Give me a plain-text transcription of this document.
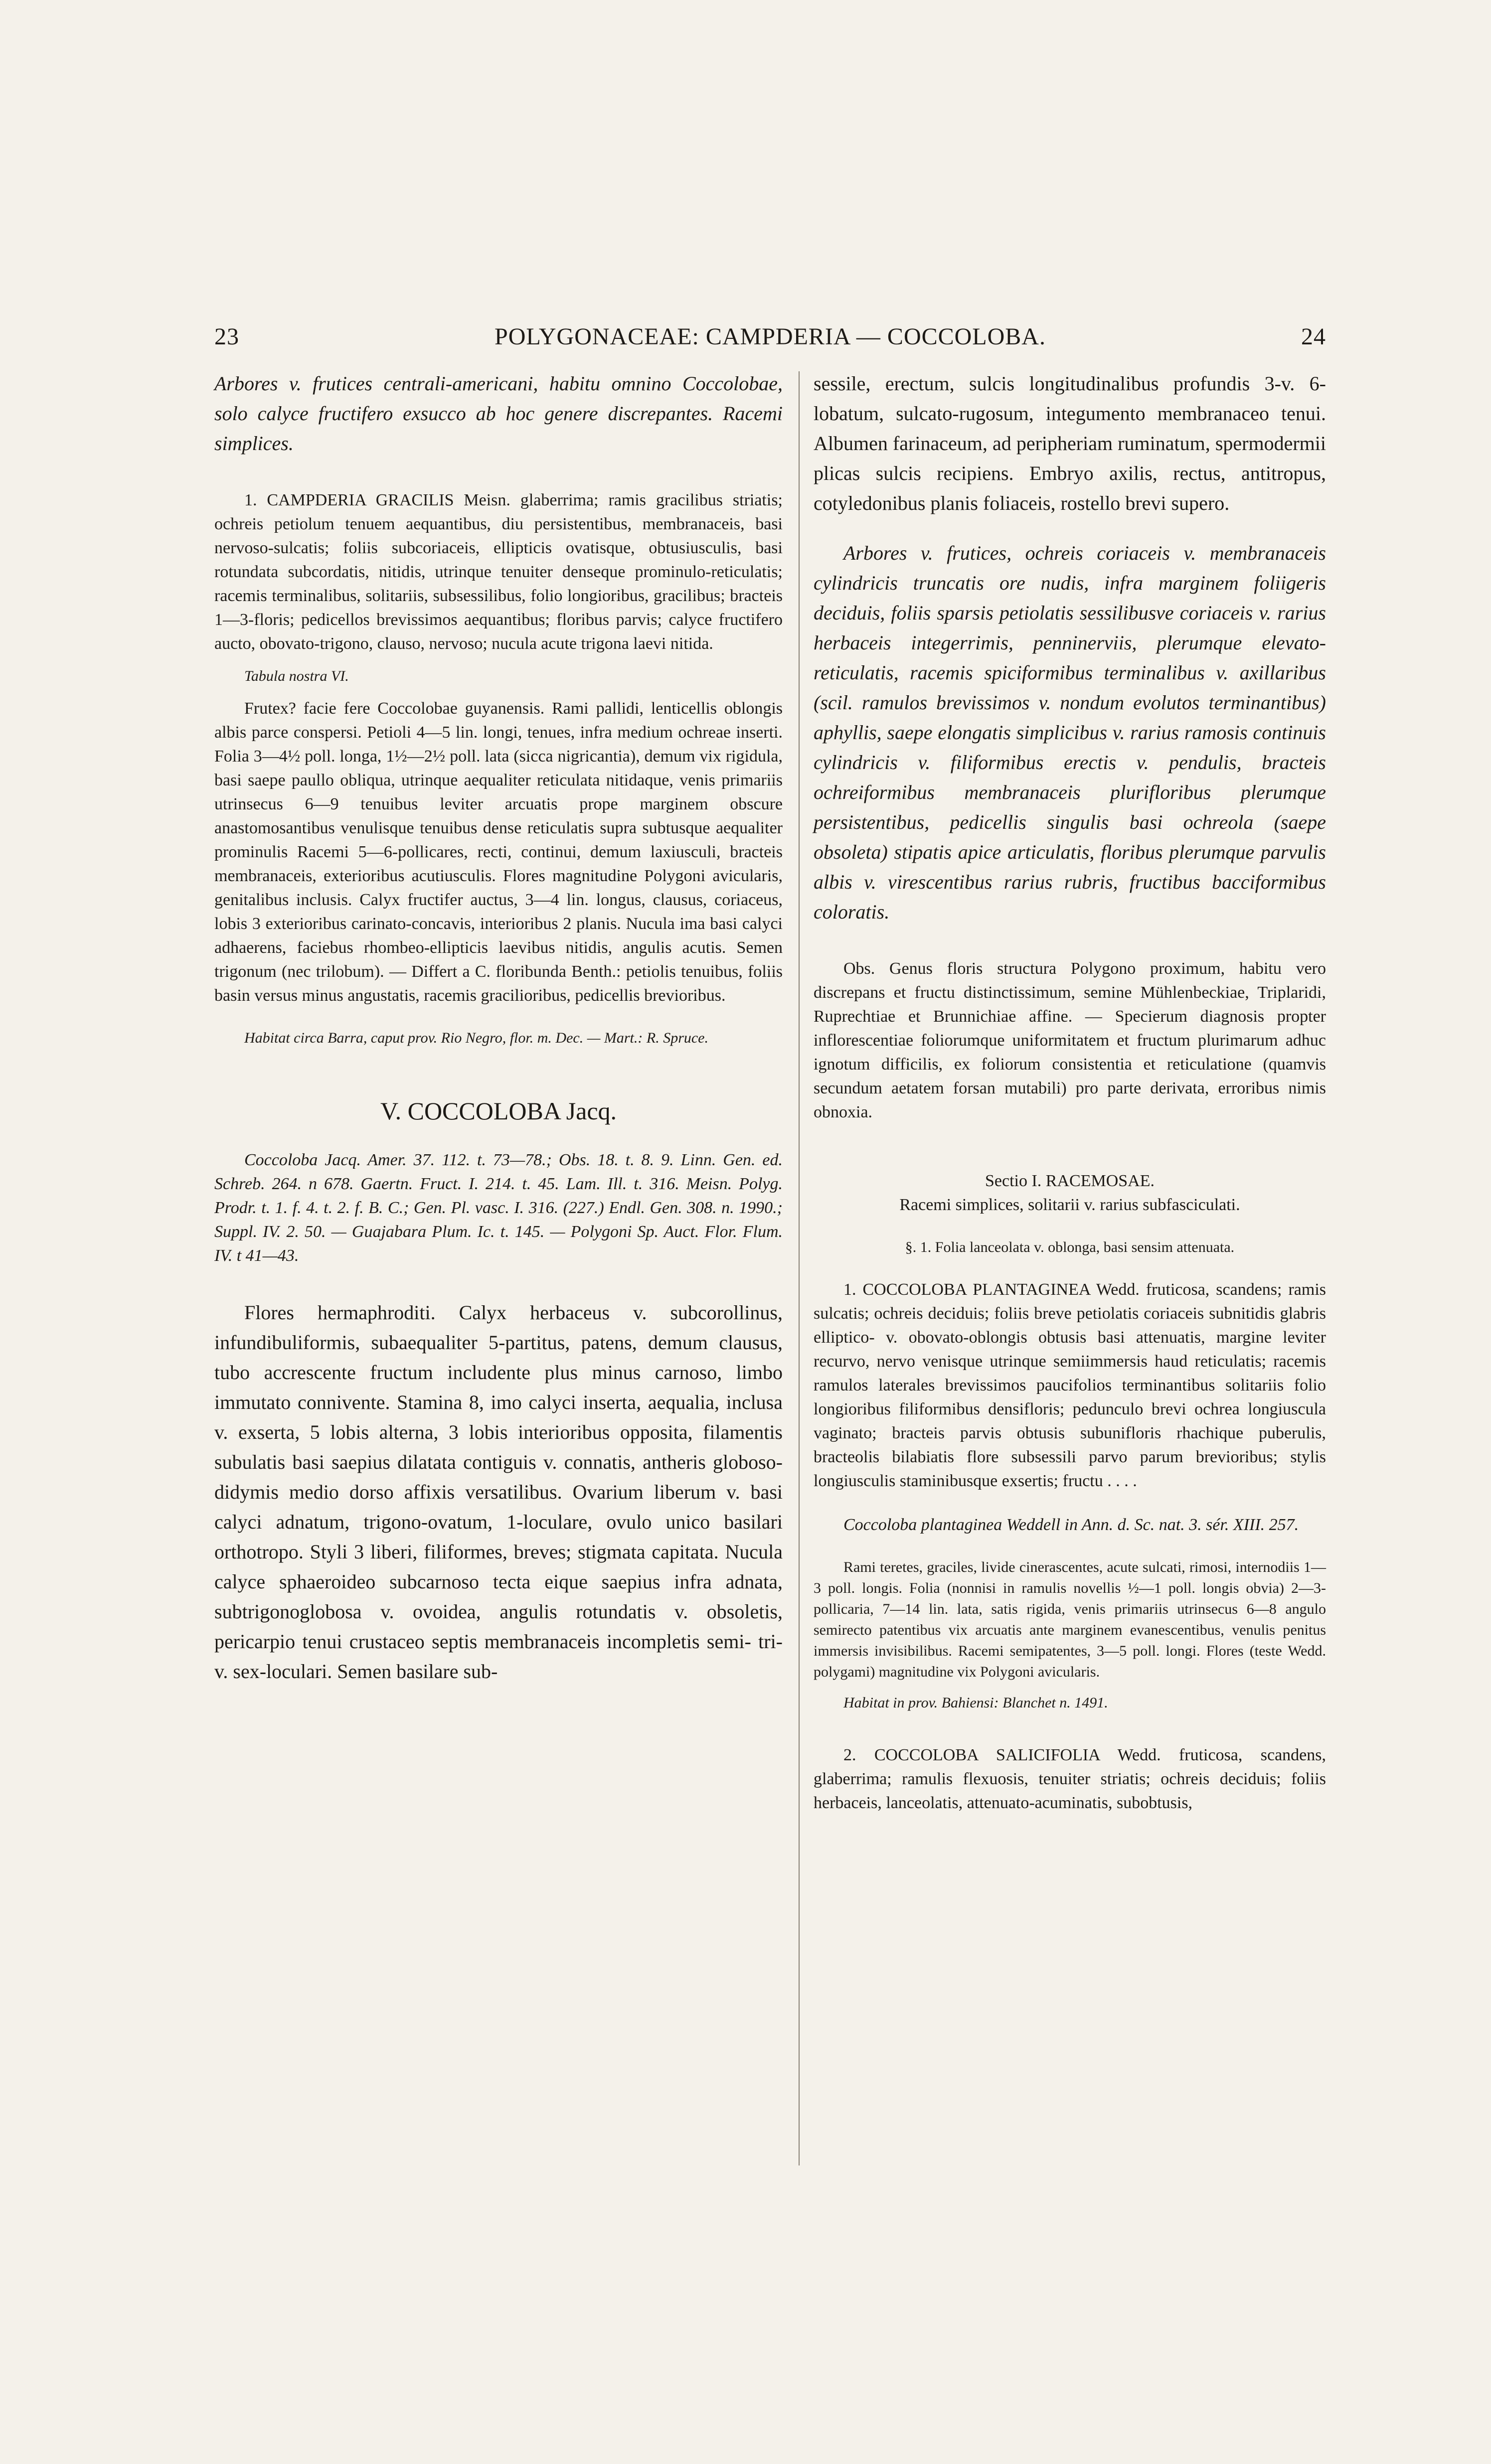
23	POLYGONACEAE: CAMPDERIA — COCCOLOBA.	24

Arbores v. frutices centrali-americani, habitu omnino Coccolobae, solo calyce fructifero exsucco ab hoc genere discrepantes. Racemi simplices.

1. CAMPDERIA GRACILIS Meisn. glaberrima; ramis gracilibus striatis; ochreis petiolum tenuem aequantibus, diu persistentibus, membranaceis, basi nervoso-sulcatis; foliis subcoriaceis, ellipticis ovatisque, obtusiusculis, basi rotundata subcordatis, nitidis, utrinque tenuiter denseque prominulo-reticulatis; racemis terminalibus, solitariis, subsessilibus, folio longioribus, gracilibus; bracteis 1—3-floris; pedicellos brevissimos aequantibus; floribus parvis; calyce fructifero aucto, obovato-trigono, clauso, nervoso; nucula acute trigona laevi nitida.

Tabula nostra VI.

Frutex? facie fere Coccolobae guyanensis. Rami pallidi, lenticellis oblongis albis parce conspersi. Petioli 4—5 lin. longi, tenues, infra medium ochreae inserti. Folia 3—4½ poll. longa, 1½—2½ poll. lata (sicca nigricantia), demum vix rigidula, basi saepe paullo obliqua, utrinque aequaliter reticulata nitidaque, venis primariis utrinsecus 6—9 tenuibus leviter arcuatis prope marginem obscure anastomosantibus venulisque tenuibus dense reticulatis supra subtusque aequaliter prominulis Racemi 5—6-pollicares, recti, continui, demum laxiusculi, bracteis membranaceis, exterioribus acutiusculis. Flores magnitudine Polygoni avicularis, genitalibus inclusis. Calyx fructifer auctus, 3—4 lin. longus, clausus, coriaceus, lobis 3 exterioribus carinato-concavis, interioribus 2 planis. Nucula ima basi calyci adhaerens, faciebus rhombeo-ellipticis laevibus nitidis, angulis acutis. Semen trigonum (nec trilobum). — Differt a C. floribunda Benth.: petiolis tenuibus, foliis basin versus minus angustatis, racemis gracilioribus, pedicellis brevioribus.

Habitat circa Barra, caput prov. Rio Negro, flor. m. Dec. — Mart.: R. Spruce.

V. COCCOLOBA Jacq.

Coccoloba Jacq. Amer. 37. 112. t. 73—78.; Obs. 18. t. 8. 9. Linn. Gen. ed. Schreb. 264. n 678. Gaertn. Fruct. I. 214. t. 45. Lam. Ill. t. 316. Meisn. Polyg. Prodr. t. 1. f. 4. t. 2. f. B. C.; Gen. Pl. vasc. I. 316. (227.) Endl. Gen. 308. n. 1990.; Suppl. IV. 2. 50. — Guajabara Plum. Ic. t. 145. — Polygoni Sp. Auct. Flor. Flum. IV. t 41—43.

Flores hermaphroditi. Calyx herbaceus v. subcorollinus, infundibuliformis, subaequaliter 5-partitus, patens, demum clausus, tubo accrescente fructum includente plus minus carnoso, limbo immutato connivente. Stamina 8, imo calyci inserta, aequalia, inclusa v. exserta, 5 lobis alterna, 3 lobis interioribus opposita, filamentis subulatis basi saepius dilatata contiguis v. connatis, antheris globoso-didymis medio dorso affixis versatilibus. Ovarium liberum v. basi calyci adnatum, trigono-ovatum, 1-loculare, ovulo unico basilari orthotropo. Styli 3 liberi, filiformes, breves; stigmata capitata. Nucula calyce sphaeroideo subcarnoso tecta eique saepius infra adnata, subtrigonoglobosa v. ovoidea, angulis rotundatis v. obsoletis, pericarpio tenui crustaceo septis membranaceis incompletis semi- tri- v. sex-loculari. Semen basilare sub-

sessile, erectum, sulcis longitudinalibus profundis 3-v. 6-lobatum, sulcato-rugosum, integumento membranaceo tenui. Albumen farinaceum, ad peripheriam ruminatum, spermodermii plicas sulcis recipiens. Embryo axilis, rectus, antitropus, cotyledonibus planis foliaceis, rostello brevi supero.

Arbores v. frutices, ochreis coriaceis v. membranaceis cylindricis truncatis ore nudis, infra marginem foliigeris deciduis, foliis sparsis petiolatis sessilibusve coriaceis v. rarius herbaceis integerrimis, penninerviis, plerumque elevato-reticulatis, racemis spiciformibus terminalibus v. axillaribus (scil. ramulos brevissimos v. nondum evolutos terminantibus) aphyllis, saepe elongatis simplicibus v. rarius ramosis continuis cylindricis v. filiformibus erectis v. pendulis, bracteis ochreiformibus membranaceis plurifloribus plerumque persistentibus, pedicellis singulis basi ochreola (saepe obsoleta) stipatis apice articulatis, floribus plerumque parvulis albis v. virescentibus rarius rubris, fructibus bacciformibus coloratis.

Obs. Genus floris structura Polygono proximum, habitu vero discrepans et fructu distinctissimum, semine Mühlenbeckiae, Triplaridi, Ruprechtiae et Brunnichiae affine. — Specierum diagnosis propter inflorescentiae foliorumque uniformitatem et fructum plurimarum adhuc ignotum difficilis, ex foliorum consistentia et reticulatione (quamvis secundum aetatem forsan mutabili) pro parte derivata, erroribus nimis obnoxia.

Sectio I. RACEMOSAE.

Racemi simplices, solitarii v. rarius subfasciculati.

§. 1. Folia lanceolata v. oblonga, basi sensim attenuata.

1. COCCOLOBA PLANTAGINEA Wedd. fruticosa, scandens; ramis sulcatis; ochreis deciduis; foliis breve petiolatis coriaceis subnitidis glabris elliptico- v. obovato-oblongis obtusis basi attenuatis, margine leviter recurvo, nervo venisque utrinque semiimmersis haud reticulatis; racemis ramulos laterales brevissimos paucifolios terminantibus solitariis folio longioribus filiformibus densifloris; pedunculo brevi ochrea longiuscula vaginato; bracteis parvis obtusis subunifloris rhachique puberulis, bracteolis bilabiatis flore subsessili parvo parum brevioribus; stylis longiusculis staminibusque exsertis; fructu . . . .

Coccoloba plantaginea Weddell in Ann. d. Sc. nat. 3. sér. XIII. 257.

Rami teretes, graciles, livide cinerascentes, acute sulcati, rimosi, internodiis 1—3 poll. longis. Folia (nonnisi in ramulis novellis ½—1 poll. longis obvia) 2—3-pollicaria, 7—14 lin. lata, satis rigida, venis primariis utrinsecus 6—8 angulo semirecto patentibus vix arcuatis ante marginem evanescentibus, venulis penitus immersis invisibilibus. Racemi semipatentes, 3—5 poll. longi. Flores (teste Wedd. polygami) magnitudine vix Polygoni avicularis.

Habitat in prov. Bahiensi: Blanchet n. 1491.

2. COCCOLOBA SALICIFOLIA Wedd. fruticosa, scandens, glaberrima; ramulis flexuosis, tenuiter striatis; ochreis deciduis; foliis herbaceis, lanceolatis, attenuato-acuminatis, subobtusis,
